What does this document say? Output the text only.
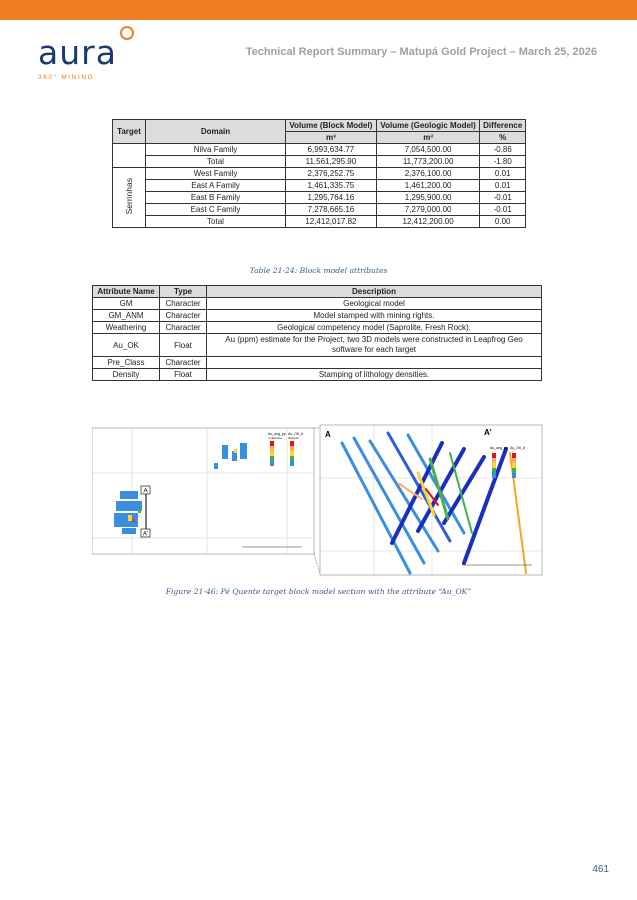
aura
360° MINING
Technical Report Summary – Matupá Gold Project – March 25, 2026
Target	Domain	Volume (Block Model)	Volume (Geologic Model)	Difference
		m³	m³	%
	Nilva Family	6,993,634.77	7,054,500.00	-0.86
	Total	11,561,295.90	11,773,200.00	-1.80
Serrinhas	West Family	2,376,252.75	2,376,100.00	0.01
	East A Family	1,461,335.75	1,461,200.00	0.01
	East B Family	1,295,764.16	1,295,900.00	-0.01
	East C Family	7,278,665.16	7,279,000.00	-0.01
	Total	12,412,017.82	12,412,200.00	0.00
Table 21-24: Block model attributes
Attribute Name	Type	Description
GM	Character	Geological model
GM_ANM	Character	Model stamped with mining rights.
Weathering	Character	Geological competency model (Saprolite, Fresh Rock).
Au_OK	Float	Au (ppm) estimate for the Project, two 3D models were constructed in Leapfrog Geo software for each target
Pre_Class	Character	
Density	Float	Stamping of lithology densities.
A
A'
Au_avg_pp
m discrete
Au_OK_b
discrete	A	A'
Au_avg_pp Au_OK_b
Figure 21-46: Pé Quente target block model section with the attribute “Au_OK”
461
